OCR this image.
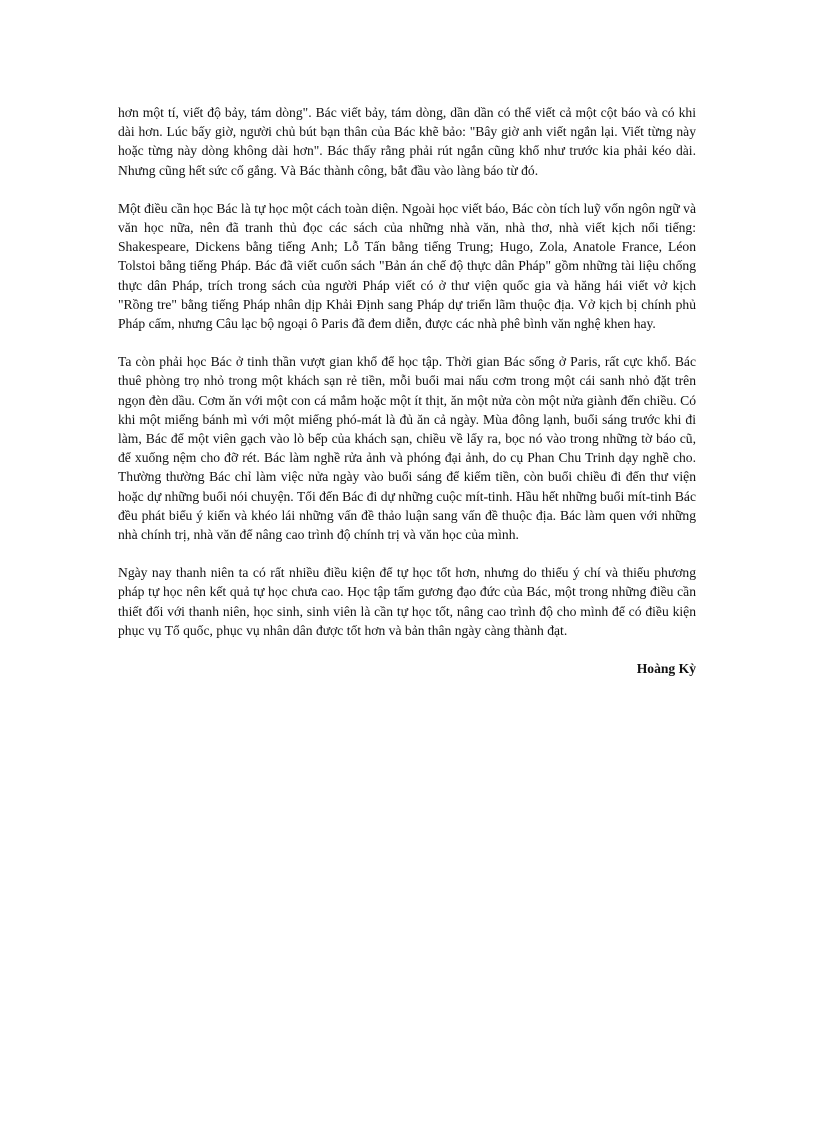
hơn một tí, viết độ bảy, tám dòng". Bác viết bảy, tám dòng, dần dần có thể viết cả một cột báo và có khi dài hơn. Lúc bấy giờ, người chủ bút bạn thân của Bác khẽ bảo: "Bây giờ anh viết ngắn lại. Viết từng này hoặc từng này dòng không dài hơn". Bác thấy rằng phải rút ngắn cũng khổ như trước kia phải kéo dài. Nhưng cũng hết sức cố gắng. Và Bác thành công, bắt đầu vào làng báo từ đó.

Một điều cần học Bác là tự học một cách toàn diện. Ngoài học viết báo, Bác còn tích luỹ vốn ngôn ngữ và văn học nữa, nên đã tranh thủ đọc các sách của những nhà văn, nhà thơ, nhà viết kịch nổi tiếng: Shakespeare, Dickens bằng tiếng Anh; Lỗ Tấn bằng tiếng Trung; Hugo, Zola, Anatole France, Léon Tolstoi bằng tiếng Pháp. Bác đã viết cuốn sách "Bản án chế độ thực dân Pháp" gồm những tài liệu chống thực dân Pháp, trích trong sách của người Pháp viết có ở thư viện quốc gia và hăng hái viết vở kịch "Rồng tre" bằng tiếng Pháp nhân dịp Khải Định sang Pháp dự triển lãm thuộc địa. Vở kịch bị chính phủ Pháp cấm, nhưng Câu lạc bộ ngoại ô Paris đã đem diễn, được các nhà phê bình văn nghệ khen hay.

Ta còn phải học Bác ở tinh thần vượt gian khổ để học tập. Thời gian Bác sống ở Paris, rất cực khổ. Bác thuê phòng trọ nhỏ trong một khách sạn rẻ tiền, mỗi buổi mai nấu cơm trong một cái sanh nhỏ đặt trên ngọn đèn dầu. Cơm ăn với một con cá mắm hoặc một ít thịt, ăn một nửa còn một nửa giành đến chiều. Có khi một miếng bánh mì với một miếng phó-mát là đủ ăn cả ngày. Mùa đông lạnh, buổi sáng trước khi đi làm, Bác để một viên gạch vào lò bếp của khách sạn, chiều về lấy ra, bọc nó vào trong những tờ báo cũ, để xuống nệm cho đỡ rét. Bác làm nghề rửa ảnh và phóng đại ảnh, do cụ Phan Chu Trinh dạy nghề cho. Thường thường Bác chỉ làm việc nửa ngày vào buổi sáng để kiếm tiền, còn buổi chiều đi đến thư viện hoặc dự những buổi nói chuyện. Tối đến Bác đi dự những cuộc mít-tinh. Hầu hết những buổi mít-tinh Bác đều phát biểu ý kiến và khéo lái những vấn đề thảo luận sang vấn đề thuộc địa. Bác làm quen với những nhà chính trị, nhà văn để nâng cao trình độ chính trị và văn học của mình.

Ngày nay thanh niên ta có rất nhiều điều kiện để tự học tốt hơn, nhưng do thiếu ý chí và thiếu phương pháp tự học nên kết quả tự học chưa cao. Học tập tấm gương đạo đức của Bác, một trong những điều cần thiết đối với thanh niên, học sinh, sinh viên là cần tự học tốt, nâng cao trình độ cho mình để có điều kiện phục vụ Tổ quốc, phục vụ nhân dân được tốt hơn và bản thân ngày càng thành đạt.

Hoàng Kỳ
